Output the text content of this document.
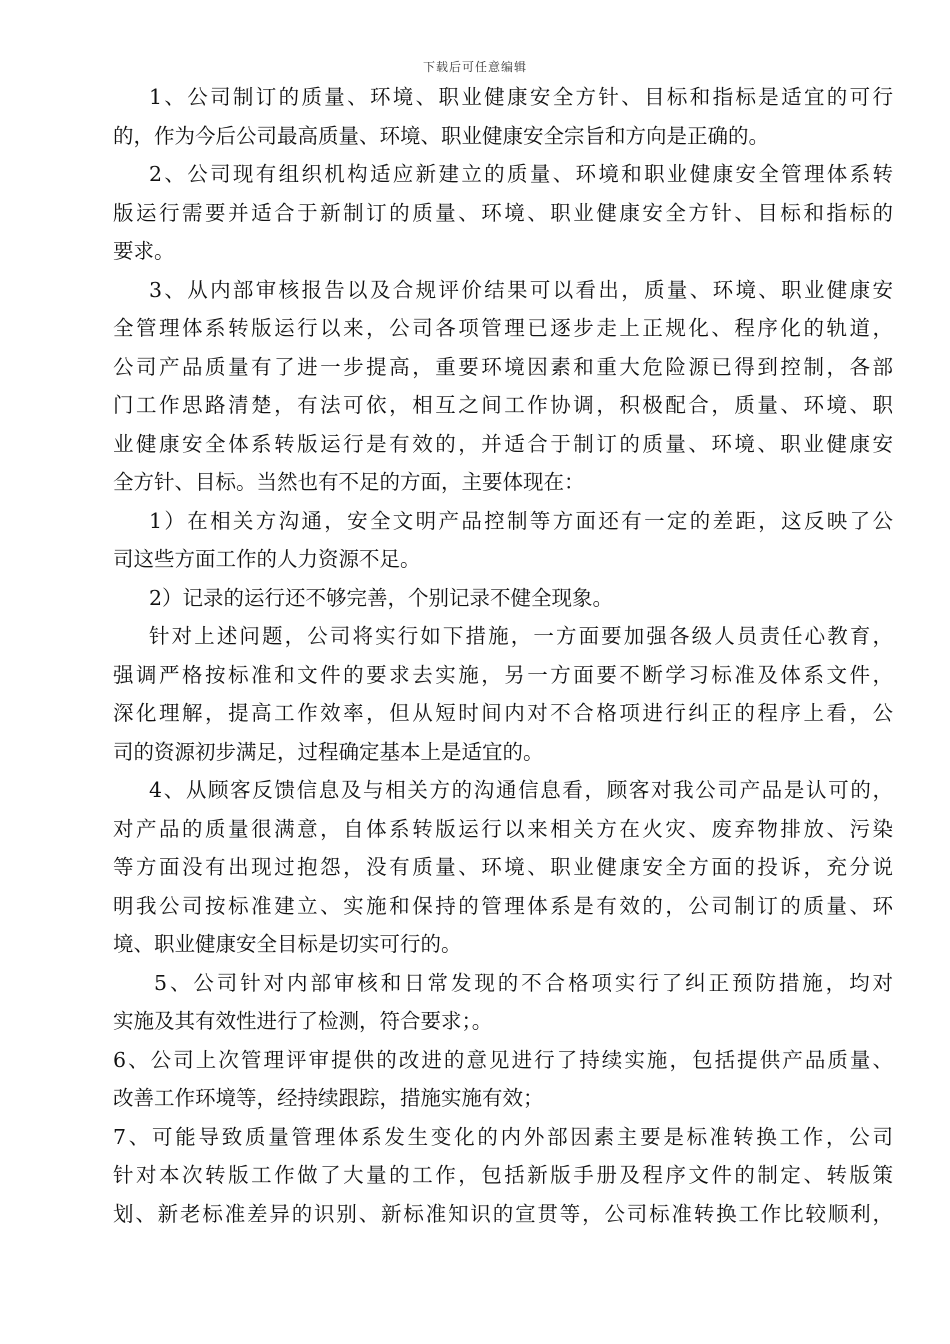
下载后可任意编辑
1、公司制订的质量、环境、职业健康安全方针、目标和指标是适宜的可行
的，作为今后公司最高质量、环境、职业健康安全宗旨和方向是正确的。
2、公司现有组织机构适应新建立的质量、环境和职业健康安全管理体系转
版运行需要并适合于新制订的质量、环境、职业健康安全方针、目标和指标的
要求。
3、从内部审核报告以及合规评价结果可以看出，质量、环境、职业健康安
全管理体系转版运行以来，公司各项管理已逐步走上正规化、程序化的轨道，
公司产品质量有了进一步提高，重要环境因素和重大危险源已得到控制，各部
门工作思路清楚，有法可依，相互之间工作协调，积极配合，质量、环境、职
业健康安全体系转版运行是有效的，并适合于制订的质量、环境、职业健康安
全方针、目标。当然也有不足的方面，主要体现在：
1）在相关方沟通，安全文明产品控制等方面还有一定的差距，这反映了公
司这些方面工作的人力资源不足。
2）记录的运行还不够完善，个别记录不健全现象。
针对上述问题，公司将实行如下措施，一方面要加强各级人员责任心教育，
强调严格按标准和文件的要求去实施，另一方面要不断学习标准及体系文件，
深化理解，提高工作效率，但从短时间内对不合格项进行纠正的程序上看，公
司的资源初步满足，过程确定基本上是适宜的。
4、从顾客反馈信息及与相关方的沟通信息看，顾客对我公司产品是认可的，
对产品的质量很满意，自体系转版运行以来相关方在火灾、废弃物排放、污染
等方面没有出现过抱怨，没有质量、环境、职业健康安全方面的投诉，充分说
明我公司按标准建立、实施和保持的管理体系是有效的，公司制订的质量、环
境、职业健康安全目标是切实可行的。
5、公司针对内部审核和日常发现的不合格项实行了纠正预防措施，均对
实施及其有效性进行了检测，符合要求；。
6、公司上次管理评审提供的改进的意见进行了持续实施，包括提供产品质量、
改善工作环境等，经持续跟踪，措施实施有效；
7、可能导致质量管理体系发生变化的内外部因素主要是标准转换工作，公司
针对本次转版工作做了大量的工作，包括新版手册及程序文件的制定、转版策
划、新老标准差异的识别、新标准知识的宣贯等，公司标准转换工作比较顺利，
